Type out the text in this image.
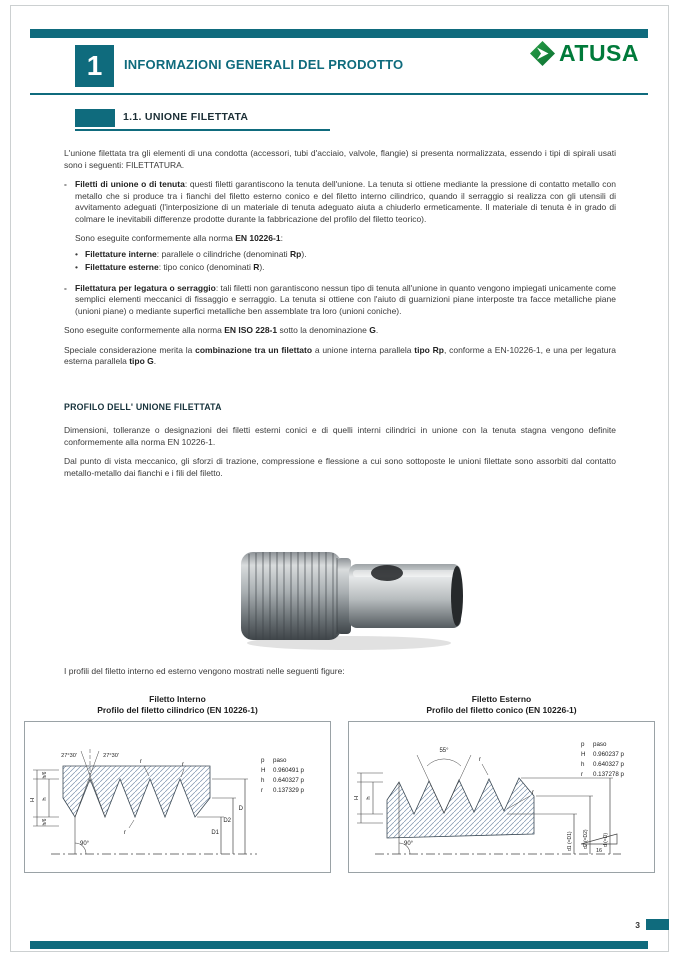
1 INFORMAZIONI GENERALI DEL PRODOTTO	ATUSA
1.1. UNIONE FILETTATA
L'unione filettata tra gli elementi di una condotta (accessori, tubi d'acciaio, valvole, flangie) si presenta normalizzata, essendo i tipi di spirali usati sono i seguenti: FILETTATURA.
- Filetti di unione o di tenuta: questi filetti garantiscono la tenuta dell'unione. La tenuta si ottiene mediante la pressione di contatto metallo con metallo che si produce tra i fianchi del filetto esterno conico e del filetto interno cilindrico, quando il serraggio si realizza con gli utensili di avvitamento adeguati (l'interposizione di un materiale di tenuta adeguato aiuta a chiuderlo ermeticamente. Il materiale di tenuta è in grado di colmare le inevitabili differenze prodotte durante la fabbricazione del profilo del filetto teorico).
Sono eseguite conformemente alla norma EN 10226-1:
• Filettature interne: parallele o cilindriche (denominati Rp).
• Filettature esterne: tipo conico (denominati R).
- Filettatura per legatura o serraggio: tali filetti non garantiscono nessun tipo di tenuta all'unione in quanto vengono impiegati unicamente come semplici elementi meccanici di fissaggio e serraggio. La tenuta si ottiene con l'aiuto di guarnizioni piane interposte tra facce metalliche piane (unioni piane) o mediante superfici metalliche ben assemblate tra loro (unioni coniche).
Sono eseguite conformemente alla norma EN ISO 228-1 sotto la denominazione G.
Speciale considerazione merita la combinazione tra un filettato a unione interna parallela tipo Rp, conforme a EN-10226-1, e una per legatura esterna parallela tipo G.
PROFILO DELL' UNIONE FILETTATA
Dimensioni, tolleranze o designazioni dei filetti esterni conici e di quelli interni cilindrici in unione con la tenuta stagna vengono definite conformemente alla norma EN 10226-1.
Dal punto di vista meccanico, gli sforzi di trazione, compressione e flessione a cui sono sottoposte le unioni filettate sono assorbiti dal contatto metallo-metallo dai fianchi e i fili del filetto.

I profili del filetto interno ed esterno vengono mostrati nelle seguenti figure:

Filetto Interno
Profilo del filetto cilindrico (EN 10226-1)
90°
27°30'	27°30'
H h
h/6
h/6
r	r
r	D1
D2
D
p paso
H 0.960491 p
h 0.640327 p
r 0.137329 p
Filetto Esterno
Profilo del filetto conico (EN 10226-1)
90°
55°
H h
r
r
d1 (=D1) d2 (=D2)	d (=D)
16
p paso
H 0.960237 p
h 0.640327 p
r 0.137278 p
3
